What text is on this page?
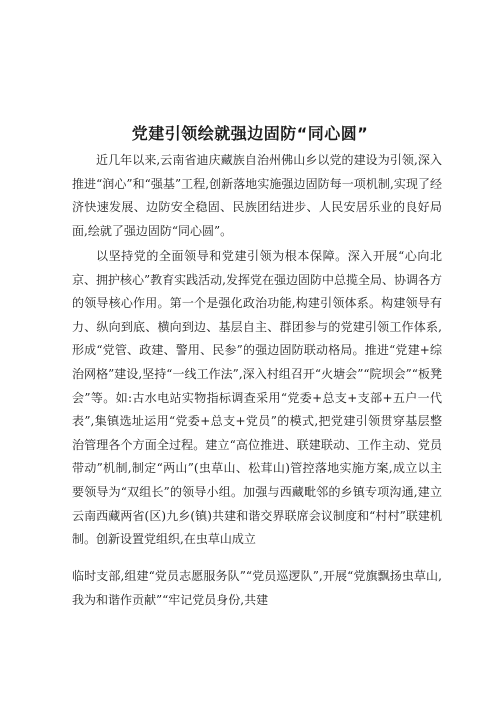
党建引领绘就强边固防“同心圆”

近几年以来,云南省迪庆藏族自治州佛山乡以党的建设为引领,深入推进“润心”和“强基”工程,创新落地实施强边固防每一项机制,实现了经济快速发展、边防安全稳固、民族团结进步、人民安居乐业的良好局面,绘就了强边固防“同心圆”。

以坚持党的全面领导和党建引领为根本保障。深入开展“心向北京、拥护核心”教育实践活动,发挥党在强边固防中总揽全局、协调各方的领导核心作用。第一个是强化政治功能,构建引领体系。构建领导有力、纵向到底、横向到边、基层自主、群团参与的党建引领工作体系,形成“党管、政建、警用、民参”的强边固防联动格局。推进“党建+综治网格”建设,坚持“一线工作法”,深入村组召开“火塘会”“院坝会”“板凳会”等。如:古水电站实物指标调查采用“党委+总支+支部+五户一代表”,集镇选址运用“党委+总支+党员”的模式,把党建引领贯穿基层整治管理各个方面全过程。建立“高位推进、联建联动、工作主动、党员带动”机制,制定“两山”(虫草山、松茸山)管控落地实施方案,成立以主要领导为“双组长”的领导小组。加强与西藏毗邻的乡镇专项沟通,建立云南西藏两省(区)九乡(镇)共建和谐交界联席会议制度和“村村”联建机制。创新设置党组织,在虫草山成立

临时支部,组建“党员志愿服务队”“党员巡逻队”,开展“党旗飘扬虫草山,我为和谐作贡献”“牢记党员身份,共建
